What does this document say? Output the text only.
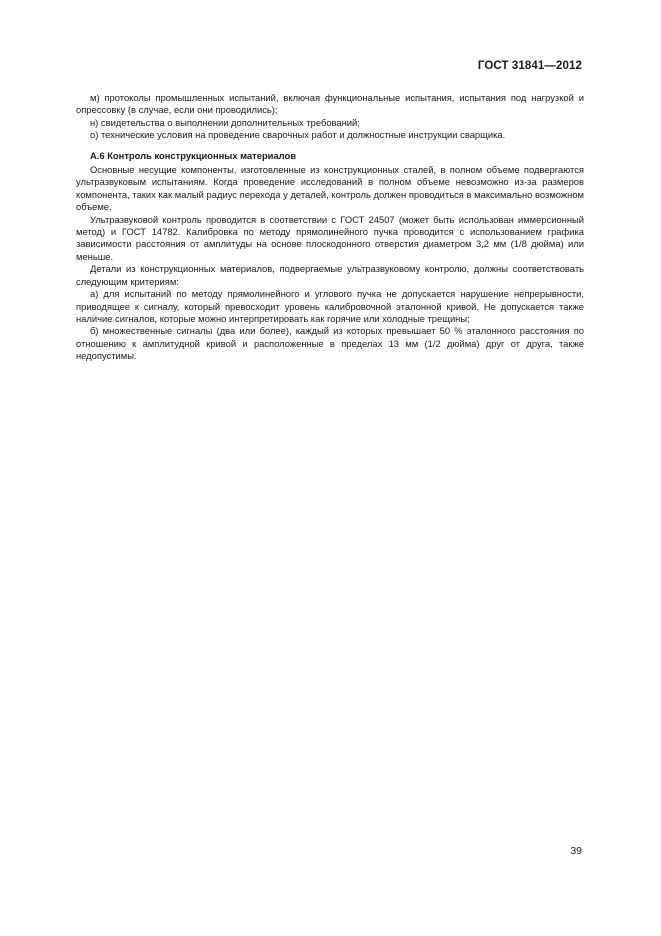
ГОСТ 31841—2012

м) протоколы промышленных испытаний, включая функциональные испытания, испытания под нагрузкой и опрессовку (в случае, если они проводились);

н) свидетельства о выполнении дополнительных требований;

о) технические условия на проведение сварочных работ и должностные инструкции сварщика.

А.6 Контроль конструкционных материалов

Основные несущие компоненты, изготовленные из конструкционных сталей, в полном объеме подвергаются ультразвуковым испытаниям. Когда проведение исследований в полном объеме невозможно из-за размеров компонента, таких как малый радиус перехода у деталей, контроль должен проводиться в максимально возможном объеме.

Ультразвуковой контроль проводится в соответствии с ГОСТ 24507 (может быть использован иммерсионный метод) и ГОСТ 14782. Калибровка по методу прямолинейного пучка проводится с использованием графика зависимости расстояния от амплитуды на основе плоскодонного отверстия диаметром 3,2 мм (1/8 дюйма) или меньше.

Детали из конструкционных материалов, подвергаемые ультразвуковому контролю, должны соответствовать следующим критериям:

а) для испытаний по методу прямолинейного и углового пучка не допускается нарушение непрерывности, приводящее к сигналу, который превосходит уровень калибровочной эталонной кривой. Не допускается также наличие сигналов, которые можно интерпретировать как горячие или холодные трещины;

б) множественные сигналы (два или более), каждый из которых превышает 50 % эталонного расстояния по отношению к амплитудной кривой и расположенные в пределах 13 мм (1/2 дюйма) друг от друга, также недопустимы.

39
